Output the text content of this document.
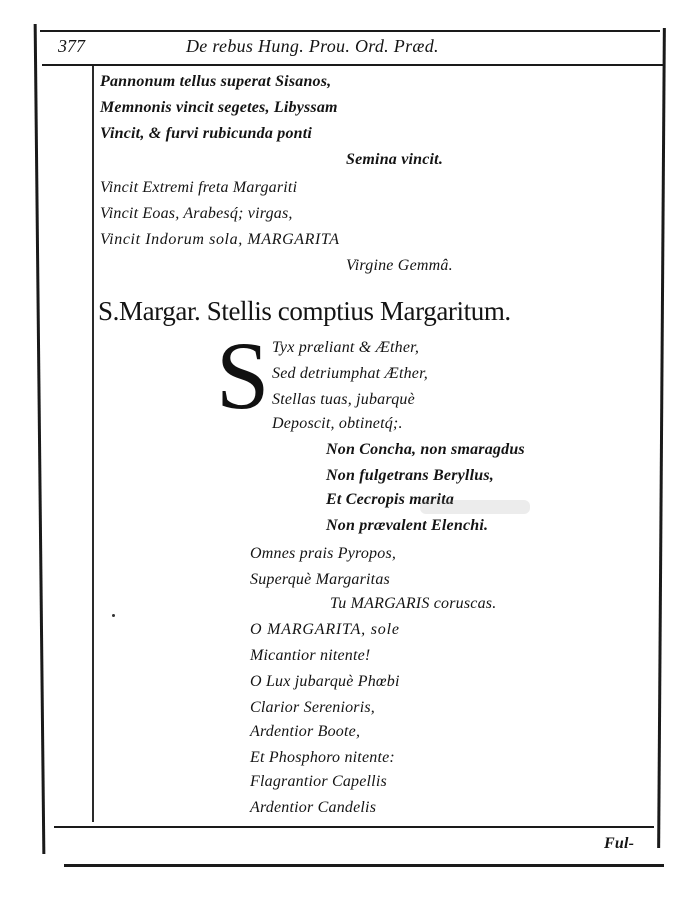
377	De rebus Hung. Prou. Ord. Præd.
Pannonum tellus superat Sisanos,
Memnonis vincit segetes, Libyssam
Vincit, & furvi rubicunda ponti
Semina vincit.
Vincit Extremi freta Margariti
Vincit Eoas, Arabesq́; virgas,
Vincit Indorum sola, MARGARITA
Virgine Gemmâ.
S.Margar. Stellis comptius Margaritum.
S Tyx præliant & Æther,
Sed detriumphat Æther,
Stellas tuas, jubarquè
Deposcit, obtinetq́;.
Non Concha, non smaragdus
Non fulgetrans Beryllus,
Et Cecropis marita
Non prævalent Elenchi.
Omnes prais Pyropos,
Superquè Margaritas
Tu MARGARIS coruscas.
O MARGARITA, sole
Micantior nitente!
O Lux jubarquè Phœbi
Clarior Serenioris,
Ardentior Boote,
Et Phosphoro nitente:
Flagrantior Capellis
Ardentior Candelis
Ful-
